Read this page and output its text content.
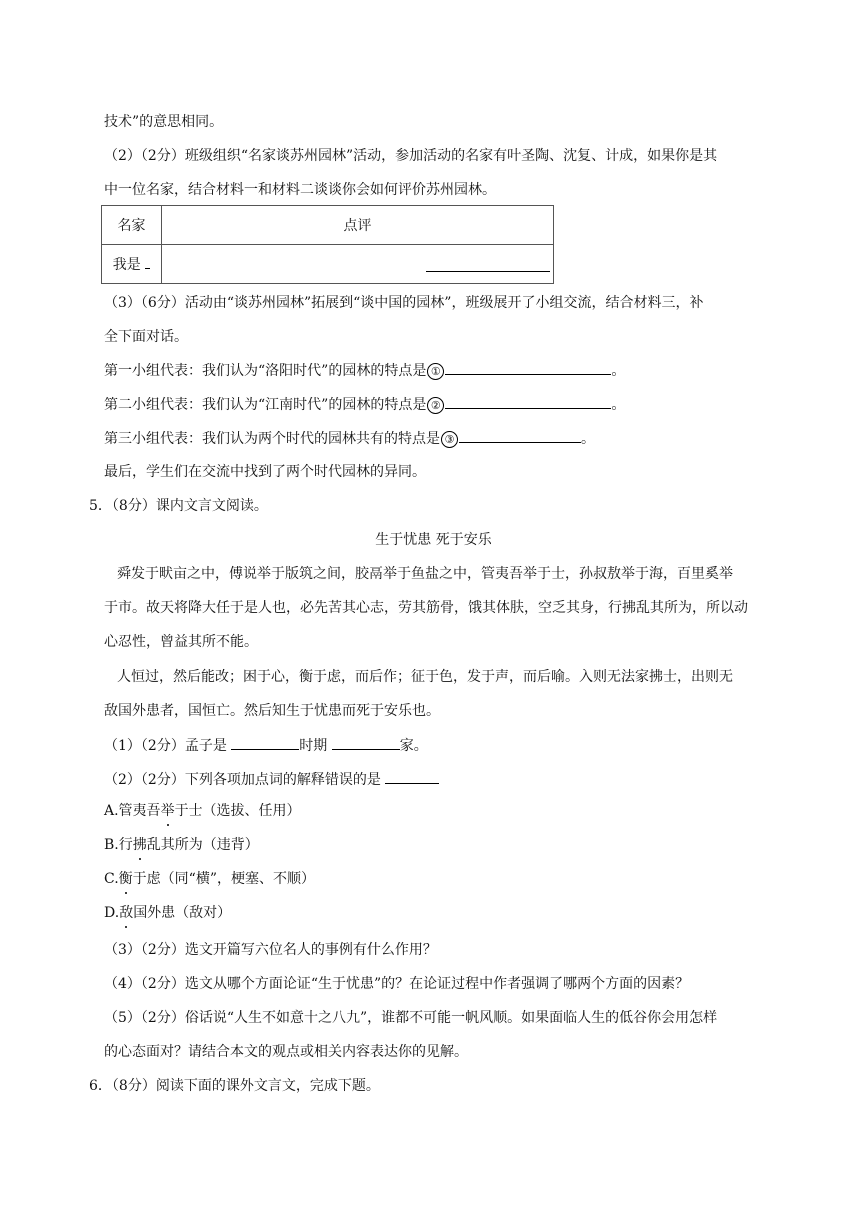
技术”的意思相同。
（2）（2分）班级组织“名家谈苏州园林”活动，参加活动的名家有叶圣陶、沈复、计成，如果你是其
中一位名家，结合材料一和材料二谈谈你会如何评价苏州园林。
名家	点评
我是	
（3）（6分）活动由“谈苏州园林”拓展到“谈中国的园林”，班级展开了小组交流，结合材料三，补
全下面对话。
第一小组代表：我们认为“洛阳时代”的园林的特点是 ①	。
第二小组代表：我们认为“江南时代”的园林的特点是 ②	。
第三小组代表：我们认为两个时代的园林共有的特点是 ③	。
最后，学生们在交流中找到了两个时代园林的异同。
5．（8分）课内文言文阅读。
生于忧患 死于安乐
舜发于畎亩之中，傅说举于版筑之间，胶鬲举于鱼盐之中，管夷吾举于士，孙叔敖举于海，百里奚举
于市。故天将降大任于是人也，必先苦其心志，劳其筋骨，饿其体肤，空乏其身，行拂乱其所为，所以动
心忍性，曾益其所不能。
人恒过，然后能改；困于心，衡于虑，而后作；征于色，发于声，而后喻。入则无法家拂士，出则无
敌国外患者，国恒亡。然后知生于忧患而死于安乐也。
（1）（2分）孟子是	时期	家。
（2）（2分）下列各项加点词的解释错误的是
A.管夷吾举于士（选拔、任用）
B.行拂乱其所为（违背）
C.衡于虑（同“横”，梗塞、不顺）
D.敌国外患（敌对）
（3）（2分）选文开篇写六位名人的事例有什么作用？
（4）（2分）选文从哪个方面论证“生于忧患”的？在论证过程中作者强调了哪两个方面的因素？
（5）（2分）俗话说“人生不如意十之八九”，谁都不可能一帆风顺。如果面临人生的低谷你会用怎样
的心态面对？请结合本文的观点或相关内容表达你的见解。
6．（8分）阅读下面的课外文言文，完成下题。
